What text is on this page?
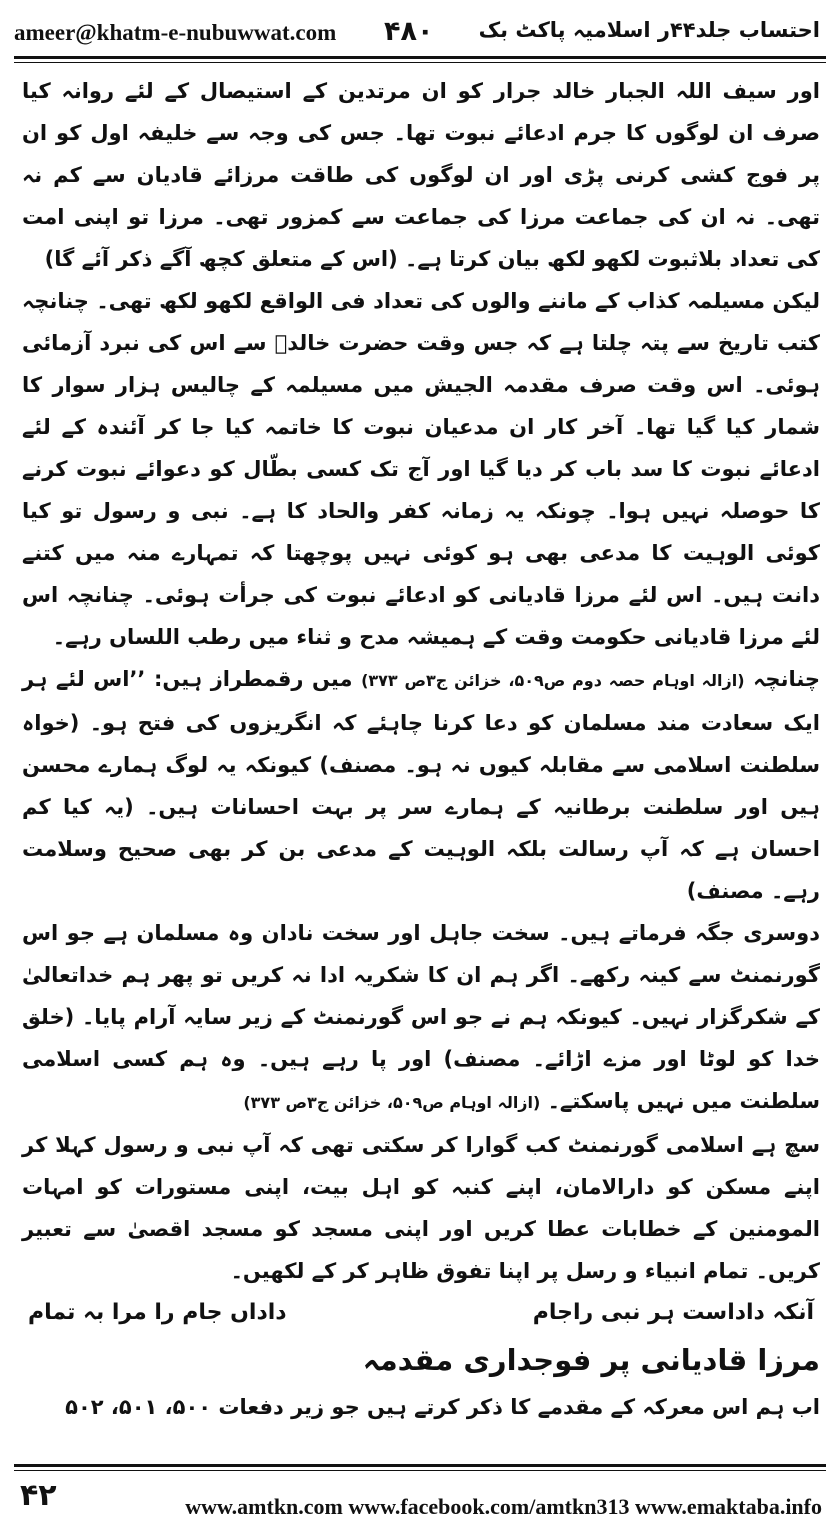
ameer@khatm-e-nubuwwat.com ۴۸۰ احتساب جلد۴۴ر اسلامیہ پاکٹ بک

اور سیف اللہ الجبار خالد جرار کو ان مرتدین کے استیصال کے لئے روانہ کیا صرف ان لوگوں کا جرم ادعائے نبوت تھا۔ جس کی وجہ سے خلیفہ اول کو ان پر فوج کشی کرنی پڑی اور ان لوگوں کی طاقت مرزائے قادیان سے کم نہ تھی۔ نہ ان کی جماعت مرزا کی جماعت سے کمزور تھی۔ مرزا تو اپنی امت کی تعداد بلاثبوت لکھو لکھ بیان کرتا ہے۔ (اس کے متعلق کچھ آگے ذکر آئے گا)

لیکن مسیلمہ کذاب کے ماننے والوں کی تعداد فی الواقع لکھو لکھ تھی۔ چنانچہ کتب تاریخ سے پتہ چلتا ہے کہ جس وقت حضرت خالدؓ سے اس کی نبرد آزمائی ہوئی۔ اس وقت صرف مقدمہ الجیش میں مسیلمہ کے چالیس ہزار سوار کا شمار کیا گیا تھا۔ آخر کار ان مدعیان نبوت کا خاتمہ کیا جا کر آئندہ کے لئے ادعائے نبوت کا سد باب کر دیا گیا اور آج تک کسی بطّال کو دعوائے نبوت کرنے کا حوصلہ نہیں ہوا۔ چونکہ یہ زمانہ کفر والحاد کا ہے۔ نبی و رسول تو کیا کوئی الوہیت کا مدعی بھی ہو کوئی نہیں پوچھتا کہ تمہارے منہ میں کتنے دانت ہیں۔ اس لئے مرزا قادیانی کو ادعائے نبوت کی جرأت ہوئی۔ چنانچہ اس لئے مرزا قادیانی حکومت وقت کے ہمیشہ مدح و ثناء میں رطب اللساں رہے۔

چنانچہ (ازالہ اوہام حصہ دوم ص۵۰۹، خزائن ج۳ص ۳۷۳) میں رقمطراز ہیں: ’’اس لئے ہر ایک سعادت مند مسلمان کو دعا کرنا چاہئے کہ انگریزوں کی فتح ہو۔ (خواہ سلطنت اسلامی سے مقابلہ کیوں نہ ہو۔ مصنف) کیونکہ یہ لوگ ہمارے محسن ہیں اور سلطنت برطانیہ کے ہمارے سر پر بہت احسانات ہیں۔ (یہ کیا کم احسان ہے کہ آپ رسالت بلکہ الوہیت کے مدعی بن کر بھی صحیح وسلامت رہے۔ مصنف)

دوسری جگہ فرماتے ہیں۔ سخت جاہل اور سخت نادان وہ مسلمان ہے جو اس گورنمنٹ سے کینہ رکھے۔ اگر ہم ان کا شکریہ ادا نہ کریں تو پھر ہم خداتعالیٰ کے شکرگزار نہیں۔ کیونکہ ہم نے جو اس گورنمنٹ کے زیر سایہ آرام پایا۔ (خلق خدا کو لوٹا اور مزے اڑائے۔ مصنف) اور پا رہے ہیں۔ وہ ہم کسی اسلامی سلطنت میں نہیں پاسکتے۔ (ازالہ اوہام ص۵۰۹، خزائن ج۳ص ۳۷۳)

سچ ہے اسلامی گورنمنٹ کب گوارا کر سکتی تھی کہ آپ نبی و رسول کہلا کر اپنے مسکن کو دارالامان، اپنے کنبہ کو اہل بیت، اپنی مستورات کو امہات المومنین کے خطابات عطا کریں اور اپنی مسجد کو مسجد اقصیٰ سے تعبیر کریں۔ تمام انبیاء و رسل پر اپنا تفوق ظاہر کر کے لکھیں۔

آنکہ داداست ہر نبی راجام
داداں جام را مرا بہ تمام
مرزا قادیانی پر فوجداری مقدمہ

اب ہم اس معرکہ کے مقدمے کا ذکر کرتے ہیں جو زیر دفعات ۵۰۰، ۵۰۱، ۵۰۲

۴۲	www.amtkn.com www.facebook.com/amtkn313 www.emaktaba.info
